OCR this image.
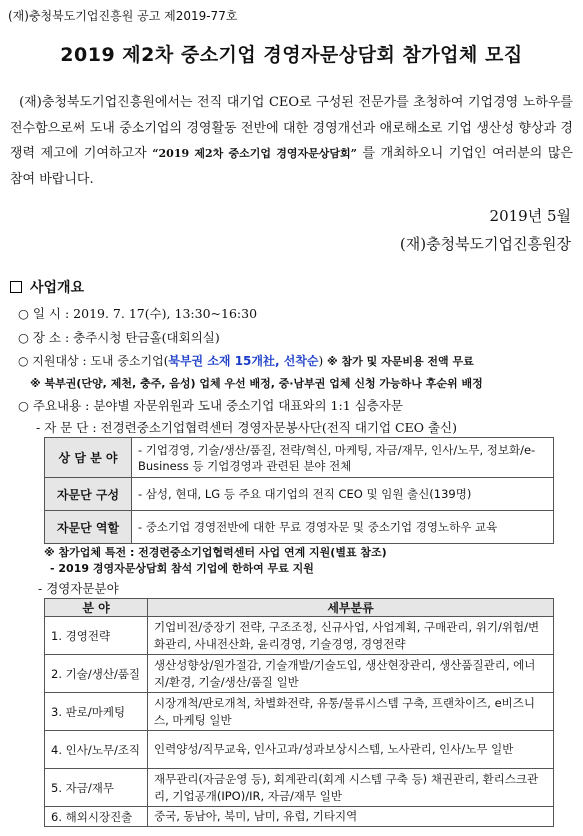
(재)충청북도기업진흥원 공고 제2019-77호
2019 제2차 중소기업 경영자문상담회 참가업체 모집
(재)충청북도기업진흥원에서는 전직 대기업 CEO로 구성된 전문가를 초청하여 기업경영 노하우를 전수함으로써 도내 중소기업의 경영활동 전반에 대한 경영개선과 애로해소로 기업 생산성 향상과 경쟁력 제고에 기여하고자 “2019 제2차 중소기업 경영자문상담회” 를 개최하오니 기업인 여러분의 많은 참여 바랍니다.
2019년 5월
(재)충청북도기업진흥원장
사업개요
○ 일 시 : 2019. 7. 17(수), 13:30~16:30
○ 장 소 : 충주시청 탄금홀(대회의실)
○ 지원대상 : 도내 중소기업(북부권 소재 15개社, 선착순) ※ 참가 및 자문비용 전액 무료
※ 북부권(단양, 제천, 충주, 음성) 업체 우선 배정, 중·남부권 업체 신청 가능하나 후순위 배정
○ 주요내용 : 분야별 자문위원과 도내 중소기업 대표와의 1:1 심층자문
- 자 문 단 : 전경련중소기업협력센터 경영자문봉사단(전직 대기업 CEO 출신)
상 담 분 야	- 기업경영, 기술/생산/품질, 전략/혁신, 마케팅, 자금/재무, 인사/노무, 정보화/e-Business 등 기업경영과 관련된 분야 전체
자문단 구성	- 삼성, 현대, LG 등 주요 대기업의 전직 CEO 및 임원 출신(139명)
자문단 역할	- 중소기업 경영전반에 대한 무료 경영자문 및 중소기업 경영노하우 교육
※ 참가업체 특전 : 전경련중소기업협력센터 사업 연계 지원(별표 참조)
- 2019 경영자문상담회 참석 기업에 한하여 무료 지원
- 경영자문분야
분 야	세부분류
1. 경영전략	기업비전/중장기 전략, 구조조정, 신규사업, 사업계획, 구매관리, 위기/위험/변화관리, 사내전산화, 윤리경영, 기술경영, 경영전략
2. 기술/생산/품질	생산성향상/원가절감, 기술개발/기술도입, 생산현장관리, 생산품질관리, 에너지/환경, 기술/생산/품질 일반
3. 판로/마케팅	시장개척/판로개척, 차별화전략, 유통/물류시스템 구축, 프랜차이즈, e비즈니스, 마케팅 일반
4. 인사/노무/조직	인력양성/직무교육, 인사고과/성과보상시스템, 노사관리, 인사/노무 일반
5. 자금/재무	재무관리(자금운영 등), 회계관리(회계 시스템 구축 등) 채권관리, 환리스크관리, 기업공개(IPO)/IR, 자금/재무 일반
6. 해외시장진출	중국, 동남아, 북미, 남미, 유럽, 기타지역
